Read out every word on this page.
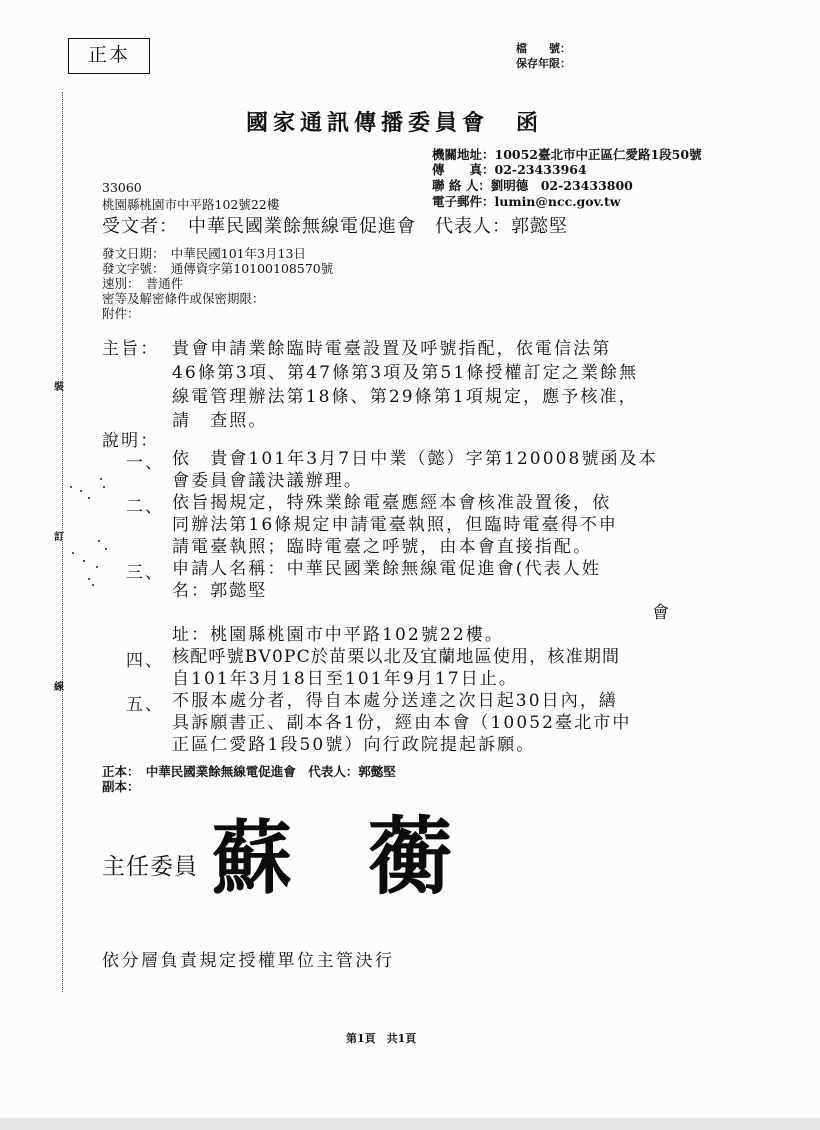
正本	檔　　號：
保存年限：
裝
訂
線
國家通訊傳播委員會　函
機關地址：10052臺北市中正區仁愛路1段50號
傳　　真：02-23433964
聯 絡 人：劉明德　02-23433800
電子郵件：lumin@ncc.gov.tw
33060
桃園縣桃園市中平路102號22樓
受文者：　中華民國業餘無線電促進會　代表人：郭懿堅
發文日期：　中華民國101年3月13日
發文字號：　通傳資字第10100108570號
速別：　普通件
密等及解密條件或保密期限：
附件：
主旨： 貴會申請業餘臨時電臺設置及呼號指配，依電信法第
46條第3項、第47條第3項及第51條授權訂定之業餘無
線電管理辦法第18條、第29條第1項規定，應予核准，
請　查照。
說明：
一、 依　貴會101年3月7日中業（懿）字第120008號函及本
會委員會議決議辦理。
二、 依旨揭規定，特殊業餘電臺應經本會核准設置後，依
同辦法第16條規定申請電臺執照，但臨時電臺得不申
請電臺執照；臨時電臺之呼號，由本會直接指配。
三、 申請人名稱：中華民國業餘無線電促進會(代表人姓
名：郭懿堅
會
址：桃園縣桃園市中平路102號22樓。
四、 核配呼號BV0PC於苗栗以北及宜蘭地區使用，核准期間
自101年3月18日至101年9月17日止。
五、 不服本處分者，得自本處分送達之次日起30日內，繕
具訴願書正、副本各1份，經由本會（10052臺北市中
正區仁愛路1段50號）向行政院提起訴願。
正本：　中華民國業餘無線電促進會　代表人：郭懿堅
副本：
主任委員 蘇 蘅
依分層負責規定授權單位主管決行
第1頁　共1頁
